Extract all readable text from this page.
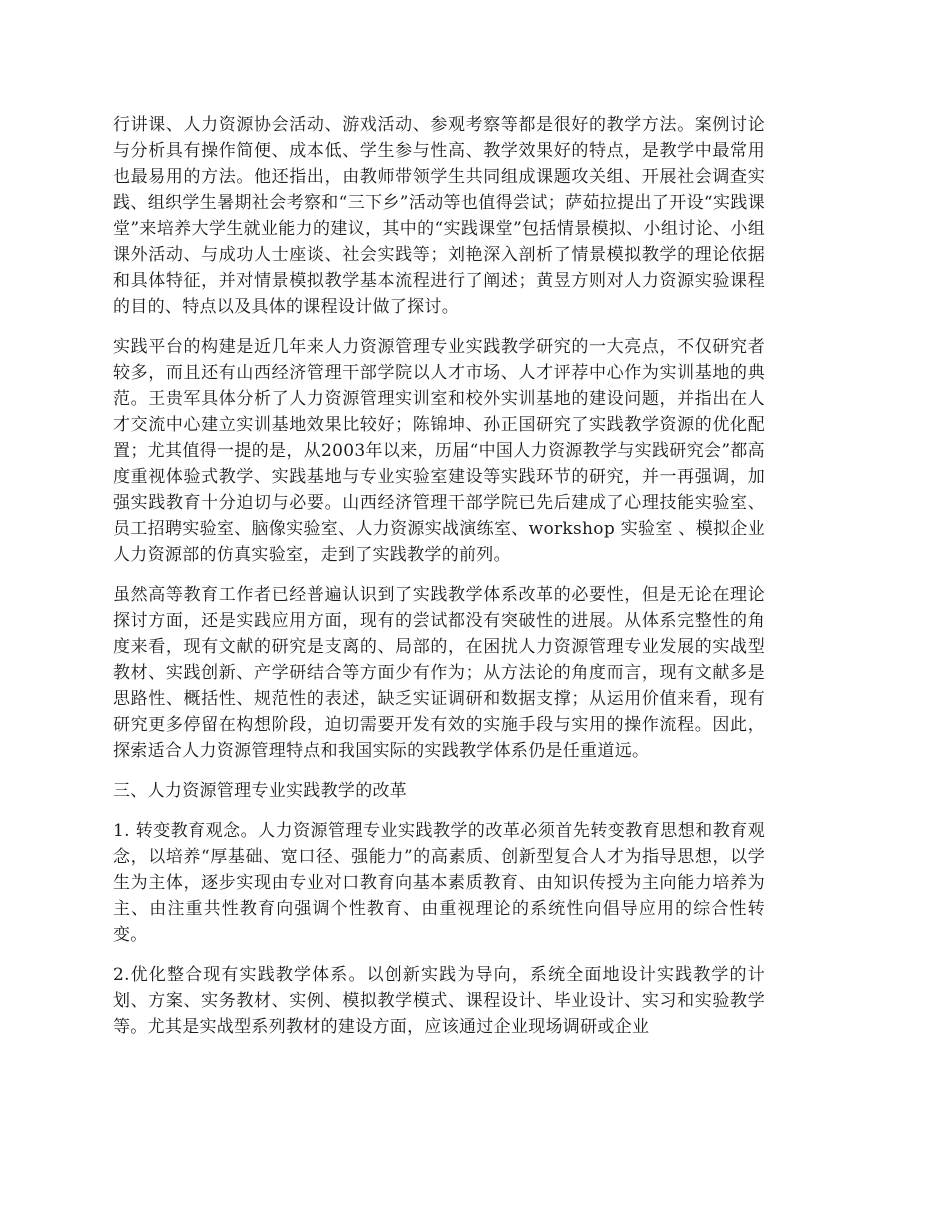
行讲课、人力资源协会活动、游戏活动、参观考察等都是很好的教学方法。案例讨论与分析具有操作简便、成本低、学生参与性高、教学效果好的特点，是教学中最常用也最易用的方法。他还指出，由教师带领学生共同组成课题攻关组、开展社会调查实践、组织学生暑期社会考察和“三下乡”活动等也值得尝试；萨茹拉提出了开设“实践课堂”来培养大学生就业能力的建议，其中的“实践课堂”包括情景模拟、小组讨论、小组课外活动、与成功人士座谈、社会实践等；刘艳深入剖析了情景模拟教学的理论依据和具体特征，并对情景模拟教学基本流程进行了阐述；黄昱方则对人力资源实验课程的目的、特点以及具体的课程设计做了探讨。

实践平台的构建是近几年来人力资源管理专业实践教学研究的一大亮点，不仅研究者较多，而且还有山西经济管理干部学院以人才市场、人才评荐中心作为实训基地的典范。王贵军具体分析了人力资源管理实训室和校外实训基地的建设问题，并指出在人才交流中心建立实训基地效果比较好；陈锦坤、孙正国研究了实践教学资源的优化配置；尤其值得一提的是，从2003年以来，历届“中国人力资源教学与实践研究会”都高度重视体验式教学、实践基地与专业实验室建设等实践环节的研究，并一再强调，加强实践教育十分迫切与必要。山西经济管理干部学院已先后建成了心理技能实验室、员工招聘实验室、脑像实验室、人力资源实战演练室、workshop 实验室 、模拟企业人力资源部的仿真实验室，走到了实践教学的前列。

虽然高等教育工作者已经普遍认识到了实践教学体系改革的必要性，但是无论在理论探讨方面，还是实践应用方面，现有的尝试都没有突破性的进展。从体系完整性的角度来看，现有文献的研究是支离的、局部的，在困扰人力资源管理专业发展的实战型教材、实践创新、产学研结合等方面少有作为；从方法论的角度而言，现有文献多是思路性、概括性、规范性的表述，缺乏实证调研和数据支撑；从运用价值来看，现有研究更多停留在构想阶段，迫切需要开发有效的实施手段与实用的操作流程。因此，探索适合人力资源管理特点和我国实际的实践教学体系仍是任重道远。

三、人力资源管理专业实践教学的改革

1. 转变教育观念。人力资源管理专业实践教学的改革必须首先转变教育思想和教育观念，以培养“厚基础、宽口径、强能力”的高素质、创新型复合人才为指导思想，以学生为主体，逐步实现由专业对口教育向基本素质教育、由知识传授为主向能力培养为主、由注重共性教育向强调个性教育、由重视理论的系统性向倡导应用的综合性转变。

2.优化整合现有实践教学体系。以创新实践为导向，系统全面地设计实践教学的计划、方案、实务教材、实例、模拟教学模式、课程设计、毕业设计、实习和实验教学等。尤其是实战型系列教材的建设方面，应该通过企业现场调研或企业
